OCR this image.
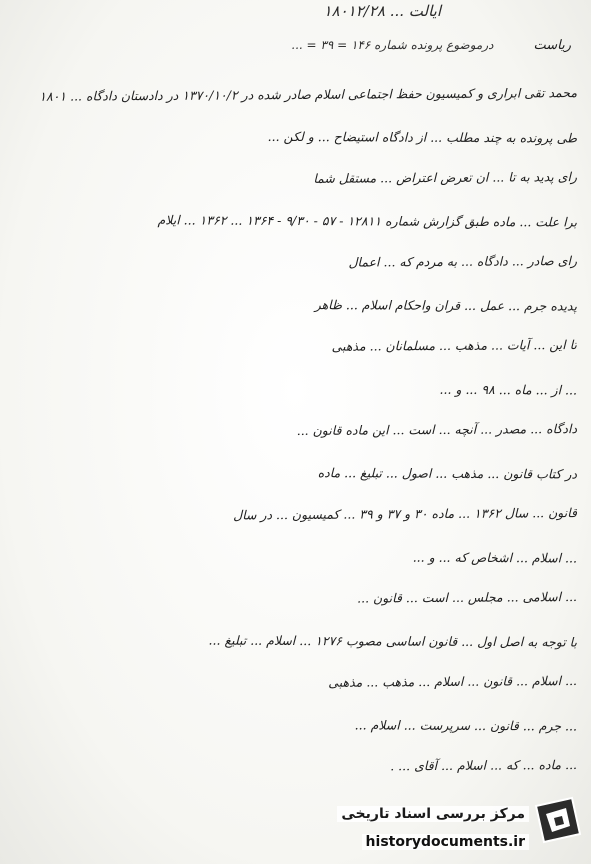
ایالت ... ۱۸۰۱۲/۲۸
ریاست
درموضوع پرونده شماره ۱۴۶ = ۳۹ = ...
محمد تقی ابراری و کمیسیون حفظ اجتماعی اسلام صادر شده در ۱۳۷۰/۱۰/۲ در دادستان دادگاه ... ۱۸۰۱
طی پرونده به چند مطلب ... از دادگاه استیضاح ... و لکن ...
رای پدید به تا ... ان تعرض اعتراض ... مستقل شما
برا علت ... ماده طبق گزارش شماره ۱۲۸۱۱ - ۵۷ - ۹/۳۰ - ۱۳۶۴ ... ۱۳۶۲ ... ایلام
رای صادر ... دادگاه ... به مردم که ... اعمال
پدیده جرم ... عمل ... قران واحکام اسلام ... ظاهر
تا این ... آیات ... مذهب ... مسلمانان ... مذهبی
... از ... ماه ... ۹۸ ... و ...
دادگاه ... مصدر ... آنچه ... است ... این ماده قانون ...
در کتاب قانون ... مذهب ... اصول ... تبلیغ ... ماده
قانون ... سال ۱۳۶۲ ... ماده ۳۰ و ۳۷ و ۳۹ ... کمیسیون ... در سال
... اسلام ... اشخاص که ... و ...
... اسلامی ... مجلس ... است ... قانون ...
با توجه به اصل اول ... قانون اساسی مصوب ۱۲۷۶ ... اسلام ... تبلیغ ...
... اسلام ... قانون ... اسلام ... مذهب ... مذهبی
... جرم ... قانون ... سرپرست ... اسلام ...
... ماده ... که ... اسلام ... آقای ... .
مرکز بررسی اسناد تاریخی
historydocuments.ir
